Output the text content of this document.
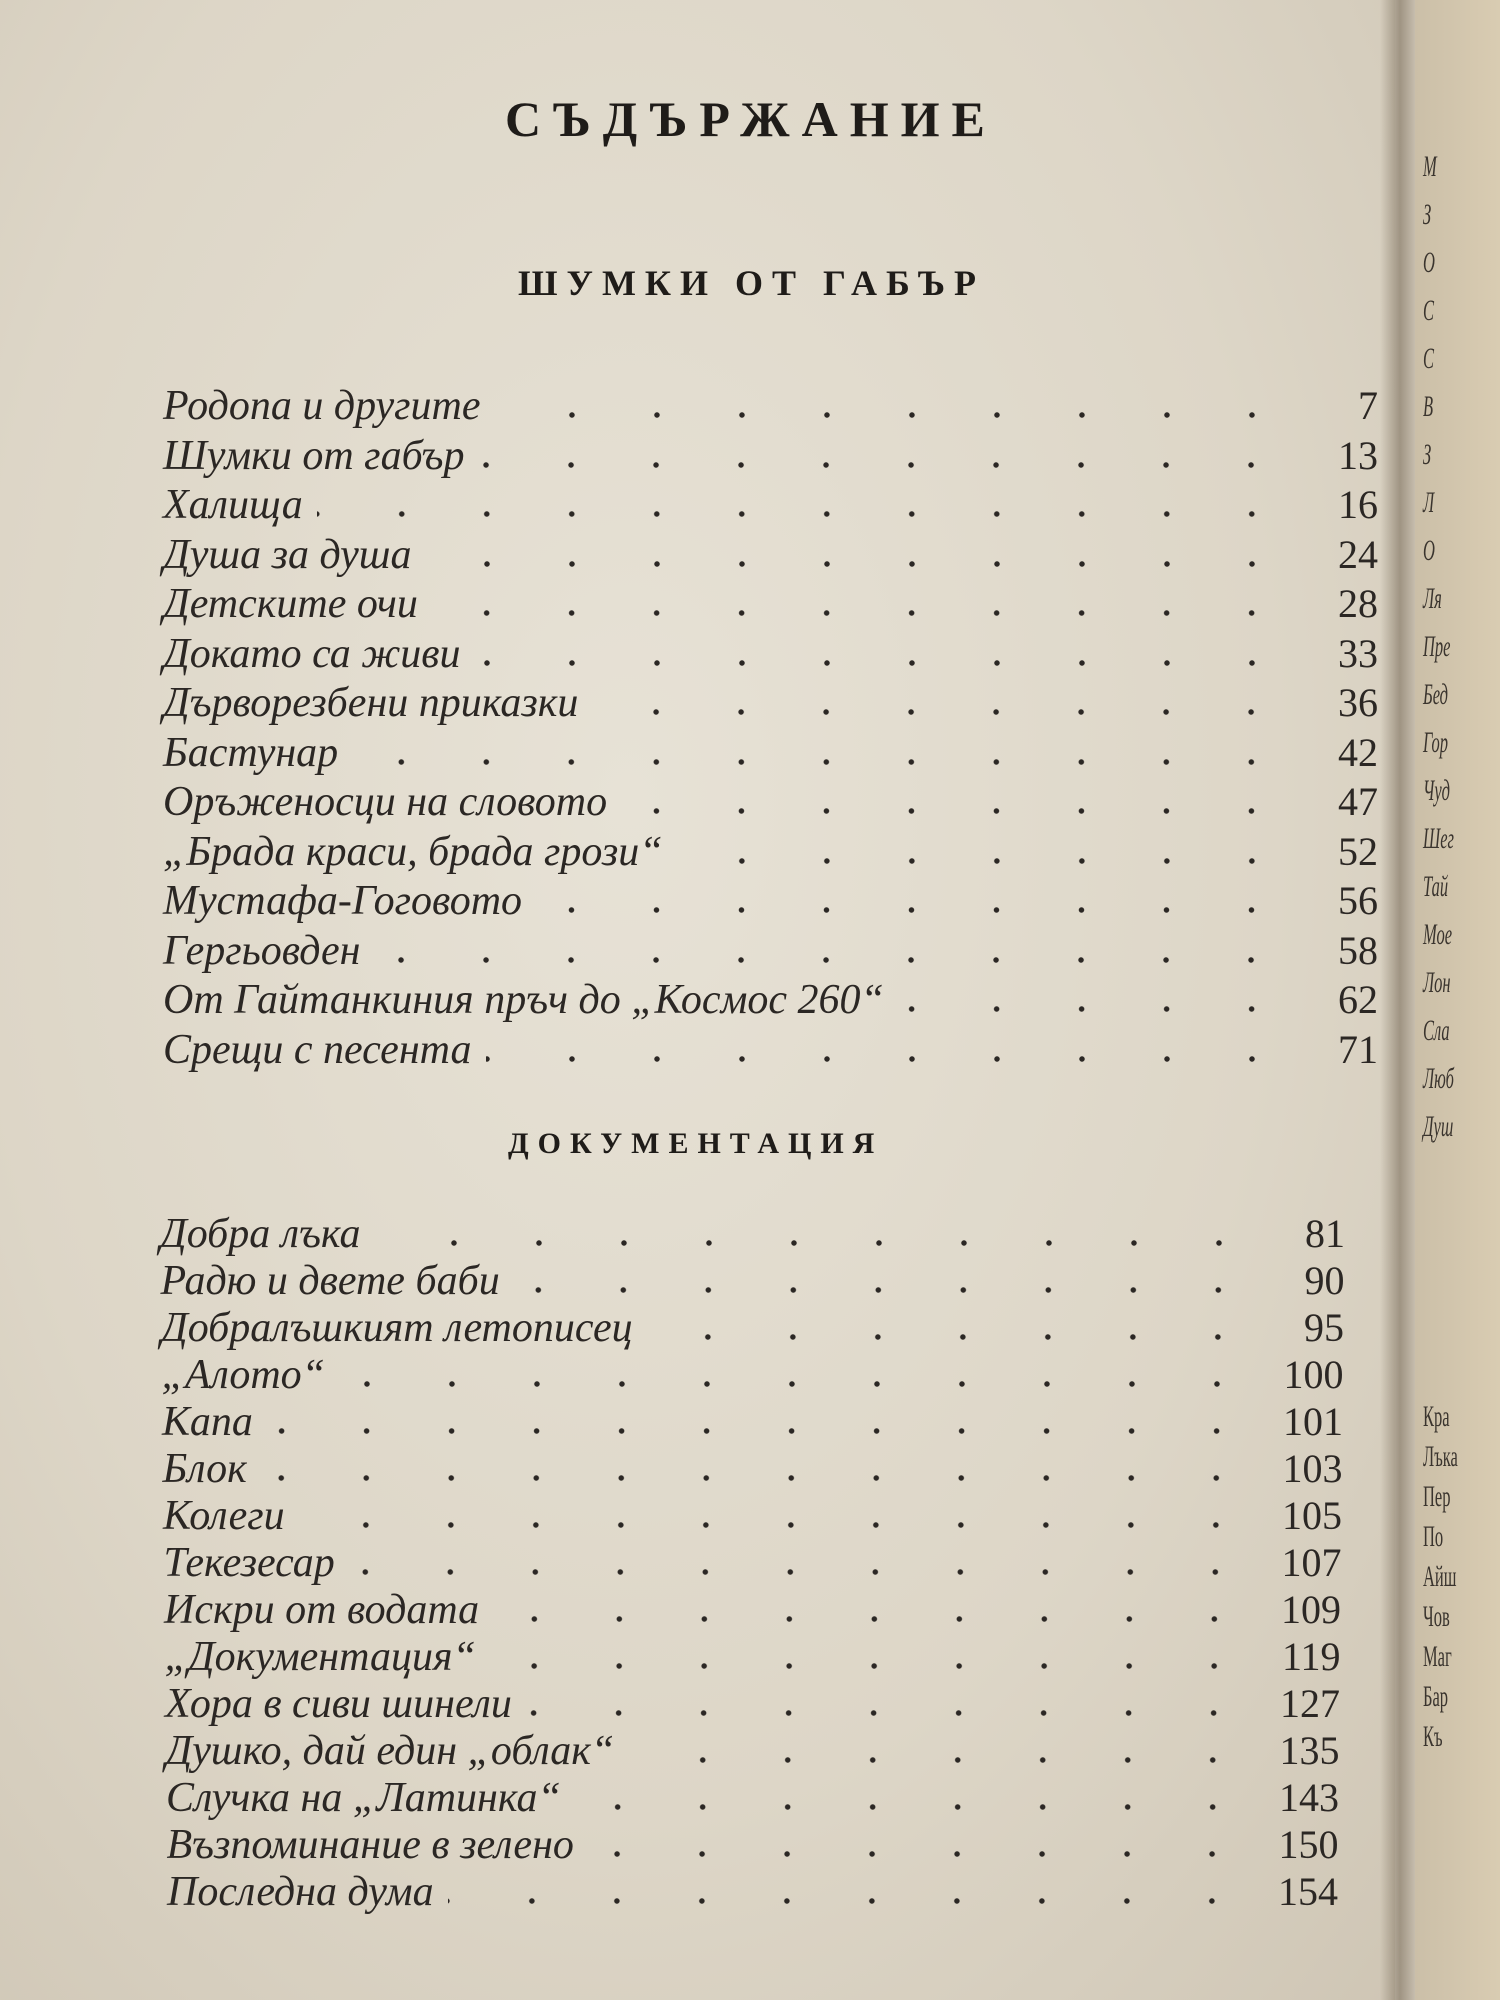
СЪДЪРЖАНИЕ
ШУМКИ ОТ ГАБЪР
Родопа и другите	7
Шумки от габър	13
Халища	16
Душа за душа	24
Детските очи	28
Докато са живи	33
Дърворезбени приказки	36
Бастунар	42
Оръженосци на словото	47
„Брада краси, брада грози“	52
Мустафа-Гоговото	56
Гергьовден	58
От Гайтанкиния пръч до „Космос 260“	62
Срещи с песента	71
ДОКУМЕНТАЦИЯ
Добра лъка	81
Радю и двете баби	90
Добралъшкият летописец	95
„Алото“	100
Капа	101
Блок	103
Колеги	105
Текезесар	107
Искри от водата	109
„Документация“	119
Хора в сиви шинели	127
Душко, дай един „облак“	135
Случка на „Латинка“	143
Възпоминание в зелено	150
Последна дума	154
М
З
О
С
С
В
З
Л
О
Ля
Пре
Бед
Гор
Чуд
Шег
Тай
Мое
Лон
Сла
Люб
Душ
Кра
Лъка
Пер
По
Айш
Чов
Маг
Бар
Къ
